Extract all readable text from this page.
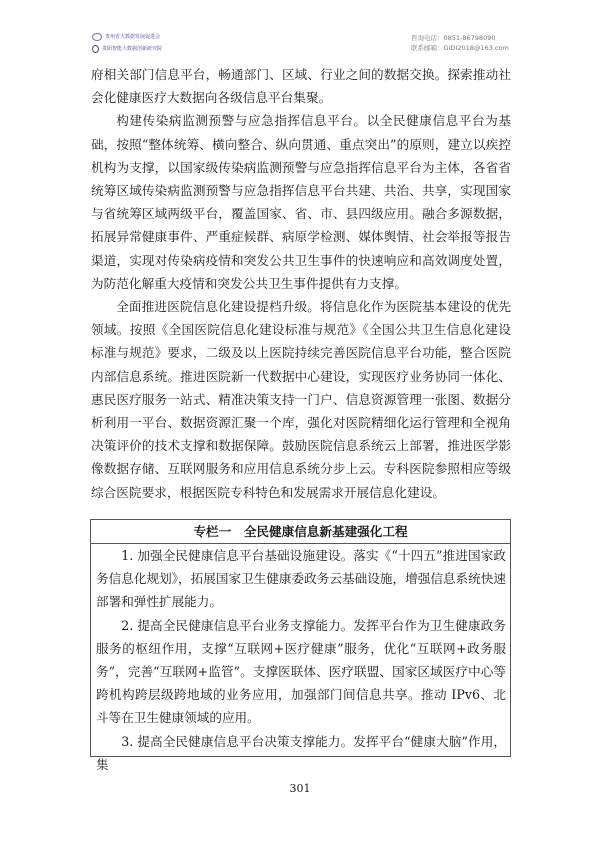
贵州省大数据发展促进会
贵阳智能大数据创新研究院
咨询电话：0851-86798090
联系邮箱：GIDI2018@163.com

府相关部门信息平台，畅通部门、区域、行业之间的数据交换。探索推动社会化健康医疗大数据向各级信息平台集聚。

构建传染病监测预警与应急指挥信息平台。以全民健康信息平台为基础，按照“整体统筹、横向整合、纵向贯通、重点突出”的原则，建立以疾控机构为支撑，以国家级传染病监测预警与应急指挥信息平台为主体，各省省统筹区域传染病监测预警与应急指挥信息平台共建、共治、共享，实现国家与省统筹区域两级平台，覆盖国家、省、市、县四级应用。融合多源数据，拓展异常健康事件、严重症候群、病原学检测、媒体舆情、社会举报等报告渠道，实现对传染病疫情和突发公共卫生事件的快速响应和高效调度处置，为防范化解重大疫情和突发公共卫生事件提供有力支撑。

全面推进医院信息化建设提档升级。将信息化作为医院基本建设的优先领域。按照《全国医院信息化建设标准与规范》《全国公共卫生信息化建设标准与规范》要求，二级及以上医院持续完善医院信息平台功能，整合医院内部信息系统。推进医院新一代数据中心建设，实现医疗业务协同一体化、惠民医疗服务一站式、精准决策支持一门户、信息资源管理一张图、数据分析利用一平台、数据资源汇聚一个库，强化对医院精细化运行管理和全视角决策评价的技术支撑和数据保障。鼓励医院信息系统云上部署，推进医学影像数据存储、互联网服务和应用信息系统分步上云。专科医院参照相应等级综合医院要求，根据医院专科特色和发展需求开展信息化建设。

专栏一　全民健康信息新基建强化工程

1. 加强全民健康信息平台基础设施建设。落实《“十四五”推进国家政务信息化规划》，拓展国家卫生健康委政务云基础设施，增强信息系统快速部署和弹性扩展能力。

2. 提高全民健康信息平台业务支撑能力。发挥平台作为卫生健康政务服务的枢纽作用，支撑“互联网+医疗健康”服务，优化“互联网+政务服务”，完善“互联网+监管”。支撑医联体、医疗联盟、国家区域医疗中心等跨机构跨层级跨地域的业务应用，加强部门间信息共享。推动 IPv6、北斗等在卫生健康领域的应用。

3. 提高全民健康信息平台决策支撑能力。发挥平台“健康大脑”作用，集

301
